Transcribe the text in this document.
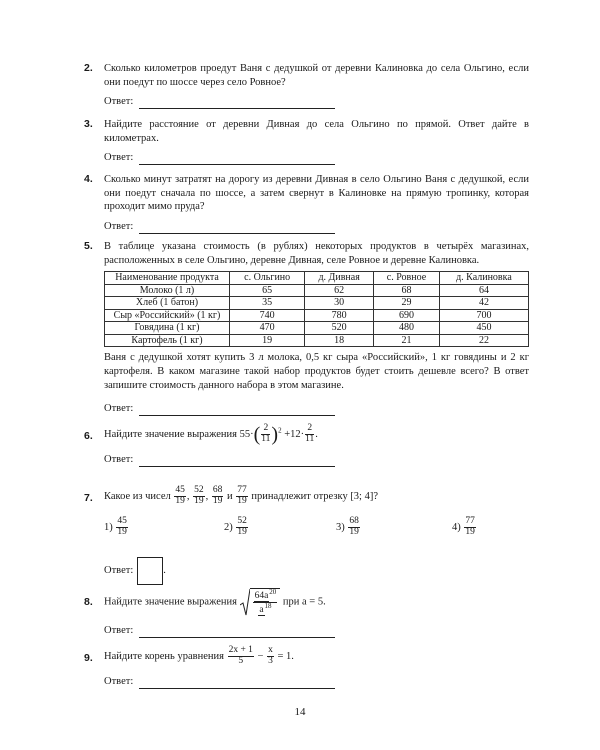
2. Сколько километров проедут Ваня с дедушкой от деревни Калиновка до села Ольгино, если они поедут по шоссе через село Ровное?
Ответ:
3. Найдите расстояние от деревни Дивная до села Ольгино по прямой. Ответ дайте в километрах.
Ответ:
4. Сколько минут затратят на дорогу из деревни Дивная в село Ольгино Ваня с дедушкой, если они поедут сначала по шоссе, а затем свернут в Калиновке на прямую тропинку, которая проходит мимо пруда?
Ответ:
5. В таблице указана стоимость (в рублях) некоторых продуктов в четырёх магазинах, расположенных в селе Ольгино, деревне Дивная, селе Ровное и деревне Калиновка.
Наименование продукта	с. Ольгино	д. Дивная	с. Ровное	д. Калиновка
Молоко (1 л)	65	62	68	64
Хлеб (1 батон)	35	30	29	42
Сыр «Российский» (1 кг)	740	780	690	700
Говядина (1 кг)	470	520	480	450
Картофель (1 кг)	19	18	21	22
Ваня с дедушкой хотят купить 3 л молока, 0,5 кг сыра «Российский», 1 кг говядины и 2 кг картофеля. В каком магазине такой набор продуктов будет стоить дешевле всего? В ответ запишите стоимость данного набора в этом магазине.
Ответ:
6. Найдите значение выражения $55\cdot( \frac{2}{11} )^2 +12\cdot \frac{2}{11}$ .
Ответ:
7. Какое из чисел $\frac{45}{19}$ , $\frac{52}{19}$ , $\frac{68}{19}$ и $\frac{77}{19}$ принадлежит отрезку [3; 4]?
1)
$\frac{45}{19}$	2)
$\frac{52}{19}$	3)
$\frac{68}{19}$	4)
$\frac{77}{19}$
Ответ:	.
8. Найдите значение выражения $\frac{64a^{20}}{a^{18}}$ при a = 5.
Ответ:
9. Найдите корень уравнения $\frac{2x + 1}{5} - \frac{x}{3} = 1$.
Ответ:
14
